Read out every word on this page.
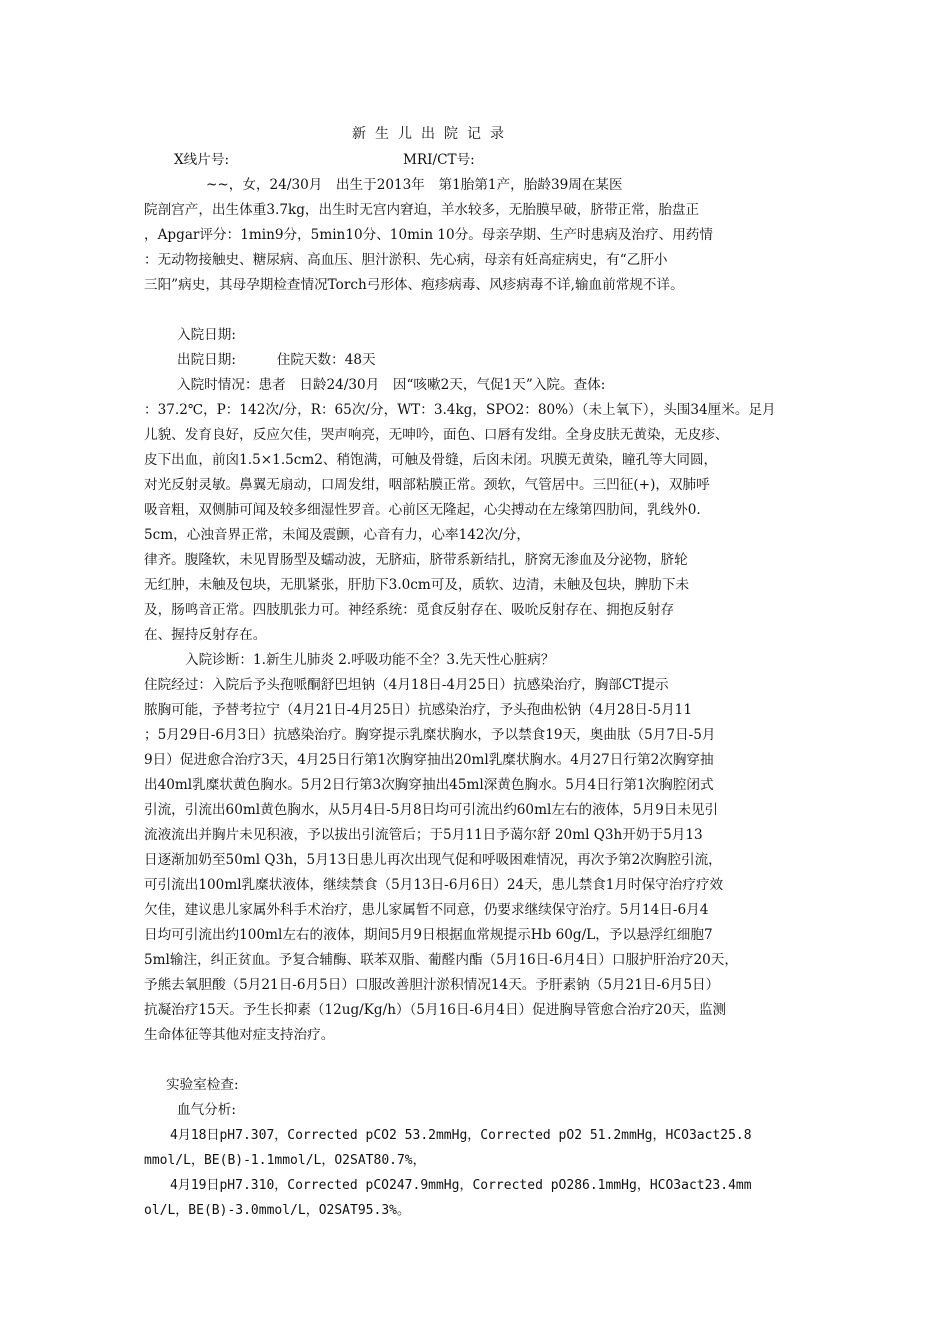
新生儿出院记录
X线片号:	MRI/CT号:
~~，女，24/30月　出生于2013年　第1胎第1产，胎龄39周在某医
院剖宫产，出生体重3.7kg，出生时无宫内窘迫，羊水较多，无胎膜早破，脐带正常，胎盘正
，Apgar评分：1min9分，5min10分、10min 10分。母亲孕期、生产时患病及治疗、用药情
：无动物接触史、糖尿病、高血压、胆汁淤积、先心病，母亲有妊高症病史，有“乙肝小
三阳”病史，其母孕期检查情况Torch弓形体、疱疹病毒、风疹病毒不详,输血前常规不详。
入院日期:
出院日期:　　　住院天数：48天
入院时情况：患者　日龄24/30月　因“咳嗽2天，气促1天”入院。查体:
：37.2℃，P：142次/分，R：65次/分，WT：3.4kg，SPO2：80%）（未上氧下），头围34厘米。足月
儿貌、发育良好，反应欠佳，哭声响亮，无呻吟，面色、口唇有发绀。全身皮肤无黄染，无皮疹、
皮下出血，前囟1.5×1.5cm2、稍饱满，可触及骨缝，后囟未闭。巩膜无黄染，瞳孔等大同圆，
对光反射灵敏。鼻翼无扇动，口周发绀，咽部粘膜正常。颈软，气管居中。三凹征(+)，双肺呼
吸音粗，双侧肺可闻及较多细湿性罗音。心前区无隆起，心尖搏动在左缘第四肋间，乳线外0.
5cm，心浊音界正常，未闻及震颤，心音有力，心率142次/分，
律齐。腹隆软，未见胃肠型及蠕动波，无脐疝，脐带系新结扎，脐窝无渗血及分泌物，脐轮
无红肿，未触及包块，无肌紧张，肝肋下3.0cm可及，质软、边清，未触及包块，脾肋下未
及，肠鸣音正常。四肢肌张力可。神经系统：觅食反射存在、吸吮反射存在、拥抱反射存
在、握持反射存在。
入院诊断：1.新生儿肺炎 2.呼吸功能不全？3.先天性心脏病？
住院经过：入院后予头孢哌酮舒巴坦钠（4月18日-4月25日）抗感染治疗，胸部CT提示
脓胸可能，予替考拉宁（4月21日-4月25日）抗感染治疗，予头孢曲松钠（4月28日-5月11
；5月29日-6月3日）抗感染治疗。胸穿提示乳糜状胸水，予以禁食19天，奥曲肽（5月7日-5月
9日）促进愈合治疗3天，4月25日行第1次胸穿抽出20ml乳糜状胸水。4月27日行第2次胸穿抽
出40ml乳糜状黄色胸水。5月2日行第3次胸穿抽出45ml深黄色胸水。5月4日行第1次胸腔闭式
引流，引流出60ml黄色胸水，从5月4日-5月8日均可引流出约60ml左右的液体，5月9日未见引
流液流出并胸片未见积液，予以拔出引流管后；于5月11日予蔼尔舒 20ml Q3h开奶于5月13
日逐渐加奶至50ml Q3h，5月13日患儿再次出现气促和呼吸困难情况，再次予第2次胸腔引流，
可引流出100ml乳糜状液体，继续禁食（5月13日-6月6日）24天，患儿禁食1月时保守治疗疗效
欠佳，建议患儿家属外科手术治疗，患儿家属暂不同意，仍要求继续保守治疗。5月14日-6月4
日均可引流出约100ml左右的液体，期间5月9日根据血常规提示Hb 60g/L，予以悬浮红细胞7
5ml输注，纠正贫血。予复合辅酶、联苯双脂、葡醛内酯（5月16日-6月4日）口服护肝治疗20天，
予熊去氧胆酸（5月21日-6月5日）口服改善胆汁淤积情况14天。予肝素钠（5月21日-6月5日）
抗凝治疗15天。予生长抑素（12ug/Kg/h）（5月16日-6月4日）促进胸导管愈合治疗20天，监测
生命体征等其他对症支持治疗。
实验室检查:
血气分析:
4月18日pH7.307，Corrected pCO2 53.2mmHg，Corrected pO2 51.2mmHg，HCO3act25.8
mmol/L，BE(B)-1.1mmol/L，O2SAT80.7%，
4月19日pH7.310，Corrected pCO247.9mmHg，Corrected pO286.1mmHg，HCO3act23.4mm
ol/L，BE(B)-3.0mmol/L，O2SAT95.3%。
